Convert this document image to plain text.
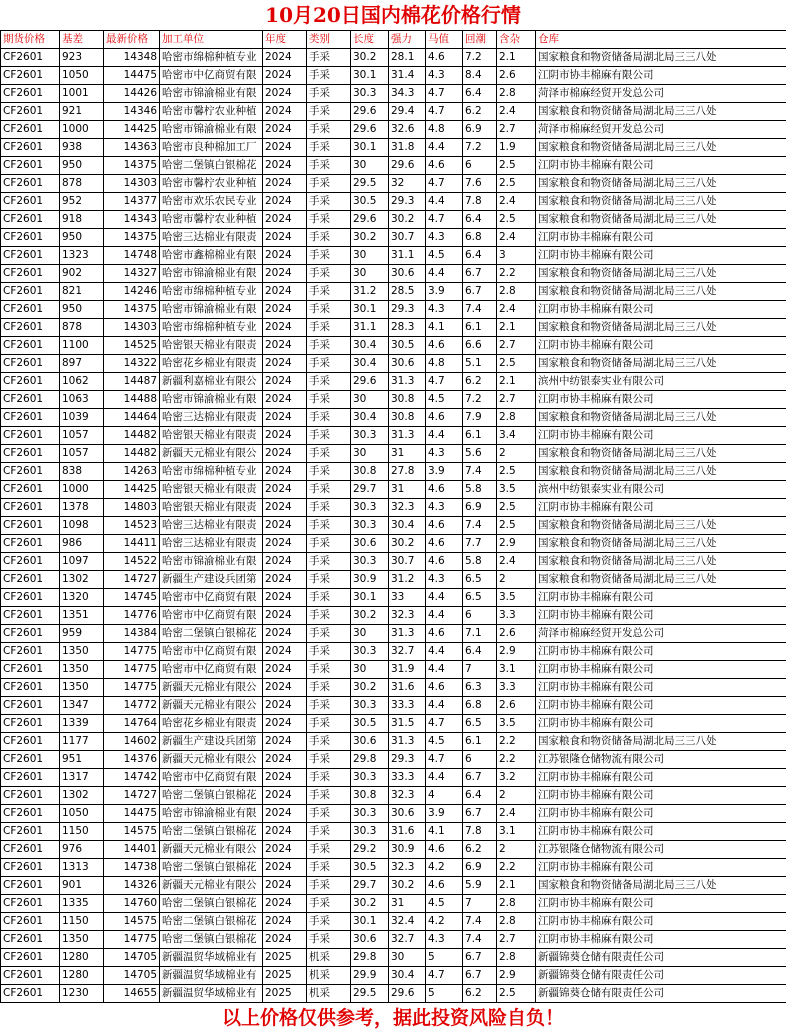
10月20日国内棉花价格行情
期货价格	基差	最新价格	加工单位	年度	类别	长度	强力	马值	回潮	含杂	仓库
CF2601	923	14348	哈密市绵棉种植专业	2024	手采	30.2	28.1	4.6	7.2	2.1	国家粮食和物资储备局湖北局三三八处
CF2601	1050	14475	哈密市中亿商贸有限	2024	手采	30.1	31.4	4.3	8.4	2.6	江阴市协丰棉麻有限公司
CF2601	1001	14426	哈密市锦渝棉业有限	2024	手采	30.3	34.3	4.7	6.4	2.8	菏泽市棉麻经贸开发总公司
CF2601	921	14346	哈密市馨柠农业种植	2024	手采	29.6	29.4	4.7	6.2	2.4	国家粮食和物资储备局湖北局三三八处
CF2601	1000	14425	哈密市锦渝棉业有限	2024	手采	29.6	32.6	4.8	6.9	2.7	菏泽市棉麻经贸开发总公司
CF2601	938	14363	哈密市良种棉加工厂	2024	手采	30.1	31.8	4.4	7.2	1.9	国家粮食和物资储备局湖北局三三八处
CF2601	950	14375	哈密二堡镇白银棉花	2024	手采	30	29.6	4.6	6	2.5	江阴市协丰棉麻有限公司
CF2601	878	14303	哈密市馨柠农业种植	2024	手采	29.5	32	4.7	7.6	2.5	国家粮食和物资储备局湖北局三三八处
CF2601	952	14377	哈密市欢乐农民专业	2024	手采	30.5	29.3	4.4	7.8	2.4	国家粮食和物资储备局湖北局三三八处
CF2601	918	14343	哈密市馨柠农业种植	2024	手采	29.6	30.2	4.7	6.4	2.5	国家粮食和物资储备局湖北局三三八处
CF2601	950	14375	哈密三达棉业有限责	2024	手采	30.2	30.7	4.3	6.8	2.4	江阴市协丰棉麻有限公司
CF2601	1323	14748	哈密市鑫棉棉业有限	2024	手采	30	31.1	4.5	6.4	3	江阴市协丰棉麻有限公司
CF2601	902	14327	哈密市锦渝棉业有限	2024	手采	30	30.6	4.4	6.7	2.2	国家粮食和物资储备局湖北局三三八处
CF2601	821	14246	哈密市绵棉种植专业	2024	手采	31.2	28.5	3.9	6.7	2.8	国家粮食和物资储备局湖北局三三八处
CF2601	950	14375	哈密市锦渝棉业有限	2024	手采	30.1	29.3	4.3	7.4	2.4	江阴市协丰棉麻有限公司
CF2601	878	14303	哈密市绵棉种植专业	2024	手采	31.1	28.3	4.1	6.1	2.1	国家粮食和物资储备局湖北局三三八处
CF2601	1100	14525	哈密银天棉业有限责	2024	手采	30.4	30.5	4.6	6.6	2.7	江阴市协丰棉麻有限公司
CF2601	897	14322	哈密花乡棉业有限责	2024	手采	30.4	30.6	4.8	5.1	2.5	国家粮食和物资储备局湖北局三三八处
CF2601	1062	14487	新疆利嘉棉业有限公	2024	手采	29.6	31.3	4.7	6.2	2.1	滨州中纺银泰实业有限公司
CF2601	1063	14488	哈密市锦渝棉业有限	2024	手采	30	30.8	4.5	7.2	2.7	江阴市协丰棉麻有限公司
CF2601	1039	14464	哈密三达棉业有限责	2024	手采	30.4	30.8	4.6	7.9	2.8	国家粮食和物资储备局湖北局三三八处
CF2601	1057	14482	哈密银天棉业有限责	2024	手采	30.3	31.3	4.4	6.1	3.4	江阴市协丰棉麻有限公司
CF2601	1057	14482	新疆天元棉业有限公	2024	手采	30	31	4.3	5.6	2	国家粮食和物资储备局湖北局三三八处
CF2601	838	14263	哈密市绵棉种植专业	2024	手采	30.8	27.8	3.9	7.4	2.5	国家粮食和物资储备局湖北局三三八处
CF2601	1000	14425	哈密银天棉业有限责	2024	手采	29.7	31	4.6	5.8	3.5	滨州中纺银泰实业有限公司
CF2601	1378	14803	哈密银天棉业有限责	2024	手采	30.3	32.3	4.3	6.9	2.5	江阴市协丰棉麻有限公司
CF2601	1098	14523	哈密三达棉业有限责	2024	手采	30.3	30.4	4.6	7.4	2.5	国家粮食和物资储备局湖北局三三八处
CF2601	986	14411	哈密三达棉业有限责	2024	手采	30.6	30.2	4.6	7.7	2.9	国家粮食和物资储备局湖北局三三八处
CF2601	1097	14522	哈密市锦渝棉业有限	2024	手采	30.3	30.7	4.6	5.8	2.4	国家粮食和物资储备局湖北局三三八处
CF2601	1302	14727	新疆生产建设兵团第	2024	手采	30.9	31.2	4.3	6.5	2	国家粮食和物资储备局湖北局三三八处
CF2601	1320	14745	哈密市中亿商贸有限	2024	手采	30.1	33	4.4	6.5	3.5	江阴市协丰棉麻有限公司
CF2601	1351	14776	哈密市中亿商贸有限	2024	手采	30.2	32.3	4.4	6	3.3	江阴市协丰棉麻有限公司
CF2601	959	14384	哈密二堡镇白银棉花	2024	手采	30	31.3	4.6	7.1	2.6	菏泽市棉麻经贸开发总公司
CF2601	1350	14775	哈密市中亿商贸有限	2024	手采	30.3	32.7	4.4	6.4	2.9	江阴市协丰棉麻有限公司
CF2601	1350	14775	哈密市中亿商贸有限	2024	手采	30	31.9	4.4	7	3.1	江阴市协丰棉麻有限公司
CF2601	1350	14775	新疆天元棉业有限公	2024	手采	30.2	31.6	4.6	6.3	3.3	江阴市协丰棉麻有限公司
CF2601	1347	14772	新疆天元棉业有限公	2024	手采	30.3	33.3	4.4	6.8	2.6	江阴市协丰棉麻有限公司
CF2601	1339	14764	哈密花乡棉业有限责	2024	手采	30.5	31.5	4.7	6.5	3.5	江阴市协丰棉麻有限公司
CF2601	1177	14602	新疆生产建设兵团第	2024	手采	30.6	31.3	4.5	6.1	2.2	国家粮食和物资储备局湖北局三三八处
CF2601	951	14376	新疆天元棉业有限公	2024	手采	29.8	29.3	4.7	6	2.2	江苏银隆仓储物流有限公司
CF2601	1317	14742	哈密市中亿商贸有限	2024	手采	30.3	33.3	4.4	6.7	3.2	江阴市协丰棉麻有限公司
CF2601	1302	14727	哈密二堡镇白银棉花	2024	手采	30.8	32.3	4	6.4	2	江阴市协丰棉麻有限公司
CF2601	1050	14475	哈密市锦渝棉业有限	2024	手采	30.3	30.6	3.9	6.7	2.4	江阴市协丰棉麻有限公司
CF2601	1150	14575	哈密二堡镇白银棉花	2024	手采	30.3	31.6	4.1	7.8	3.1	江阴市协丰棉麻有限公司
CF2601	976	14401	新疆天元棉业有限公	2024	手采	29.2	30.9	4.6	6.2	2	江苏银隆仓储物流有限公司
CF2601	1313	14738	哈密二堡镇白银棉花	2024	手采	30.5	32.3	4.2	6.9	2.2	江阴市协丰棉麻有限公司
CF2601	901	14326	新疆天元棉业有限公	2024	手采	29.7	30.2	4.6	5.9	2.1	国家粮食和物资储备局湖北局三三八处
CF2601	1335	14760	哈密二堡镇白银棉花	2024	手采	30.2	31	4.5	7	2.8	江阴市协丰棉麻有限公司
CF2601	1150	14575	哈密二堡镇白银棉花	2024	手采	30.1	32.4	4.2	7.4	2.8	江阴市协丰棉麻有限公司
CF2601	1350	14775	哈密二堡镇白银棉花	2024	手采	30.6	32.7	4.3	7.4	2.7	江阴市协丰棉麻有限公司
CF2601	1280	14705	新疆温贸华域棉业有	2025	机采	29.8	30	5	6.7	2.8	新疆锦葵仓储有限责任公司
CF2601	1280	14705	新疆温贸华域棉业有	2025	机采	29.9	30.4	4.7	6.7	2.9	新疆锦葵仓储有限责任公司
CF2601	1230	14655	新疆温贸华域棉业有	2025	机采	29.5	29.6	5	6.2	2.5	新疆锦葵仓储有限责任公司
以上价格仅供参考，据此投资风险自负！
